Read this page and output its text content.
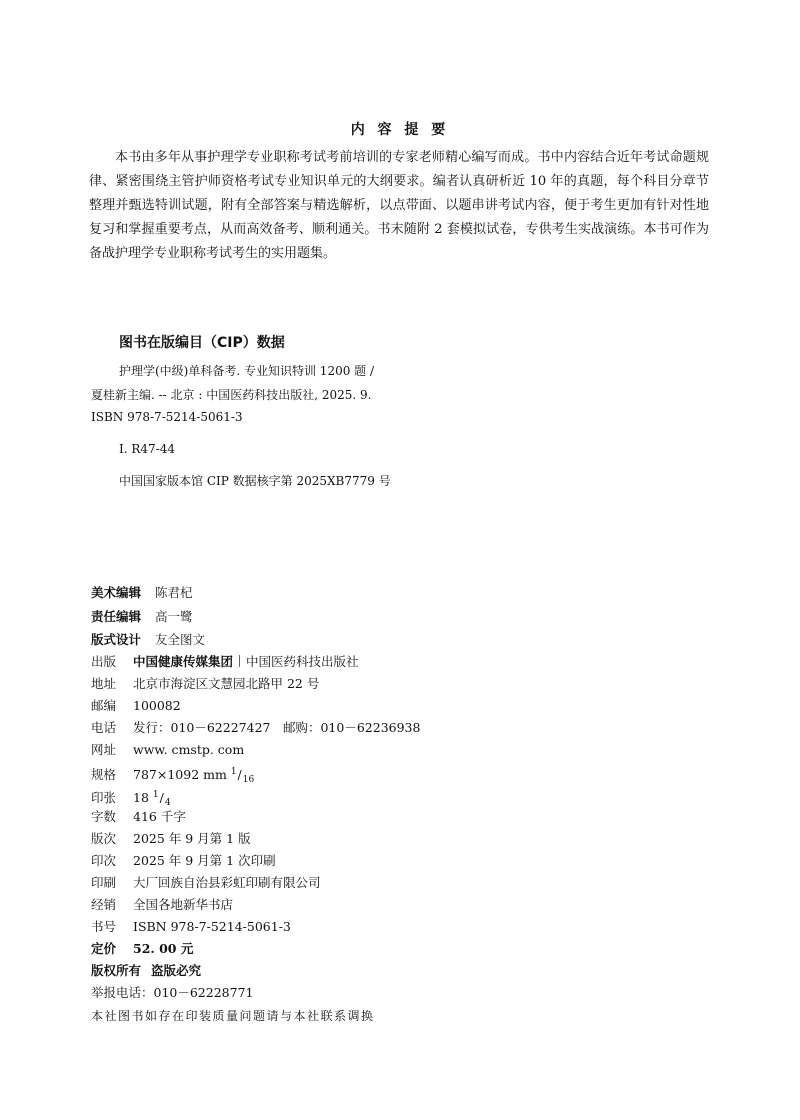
内 容 提 要

本书由多年从事护理学专业职称考试考前培训的专家老师精心编写而成。书中内容结合近年考试命题规律、紧密围绕主管护师资格考试专业知识单元的大纲要求。编者认真研析近 10 年的真题，每个科目分章节整理并甄选特训试题，附有全部答案与精选解析，以点带面、以题串讲考试内容，便于考生更加有针对性地复习和掌握重要考点，从而高效备考、顺利通关。书末随附 2 套模拟试卷，专供考生实战演练。本书可作为备战护理学专业职称考试考生的实用题集。

图书在版编目（CIP）数据
护理学(中级)单科备考. 专业知识特训 1200 题 /
夏桂新主编. -- 北京 : 中国医药科技出版社, 2025. 9.
ISBN 978-7-5214-5061-3
Ⅰ. R47-44
中国国家版本馆 CIP 数据核字第 2025XB7779 号
美术编辑 陈君杞
责任编辑 高一鹭
版式设计 友全图文
出版 中国健康传媒集团 中国医药科技出版社
地址 北京市海淀区文慧园北路甲 22 号
邮编 100082
电话 发行：010－62227427　邮购：010－62236938
网址 www. cmstp. com
规格 787×1092 mm $^1/_{16}$
印张 18 $^1/_4$
字数 416 千字
版次 2025 年 9 月第 1 版
印次 2025 年 9 月第 1 次印刷
印刷 大厂回族自治县彩虹印刷有限公司
经销 全国各地新华书店
书号 ISBN 978-7-5214-5061-3
定价 52. 00 元
版权所有 盗版必究
举报电话：010－62228771
本社图书如存在印装质量问题请与本社联系调换
